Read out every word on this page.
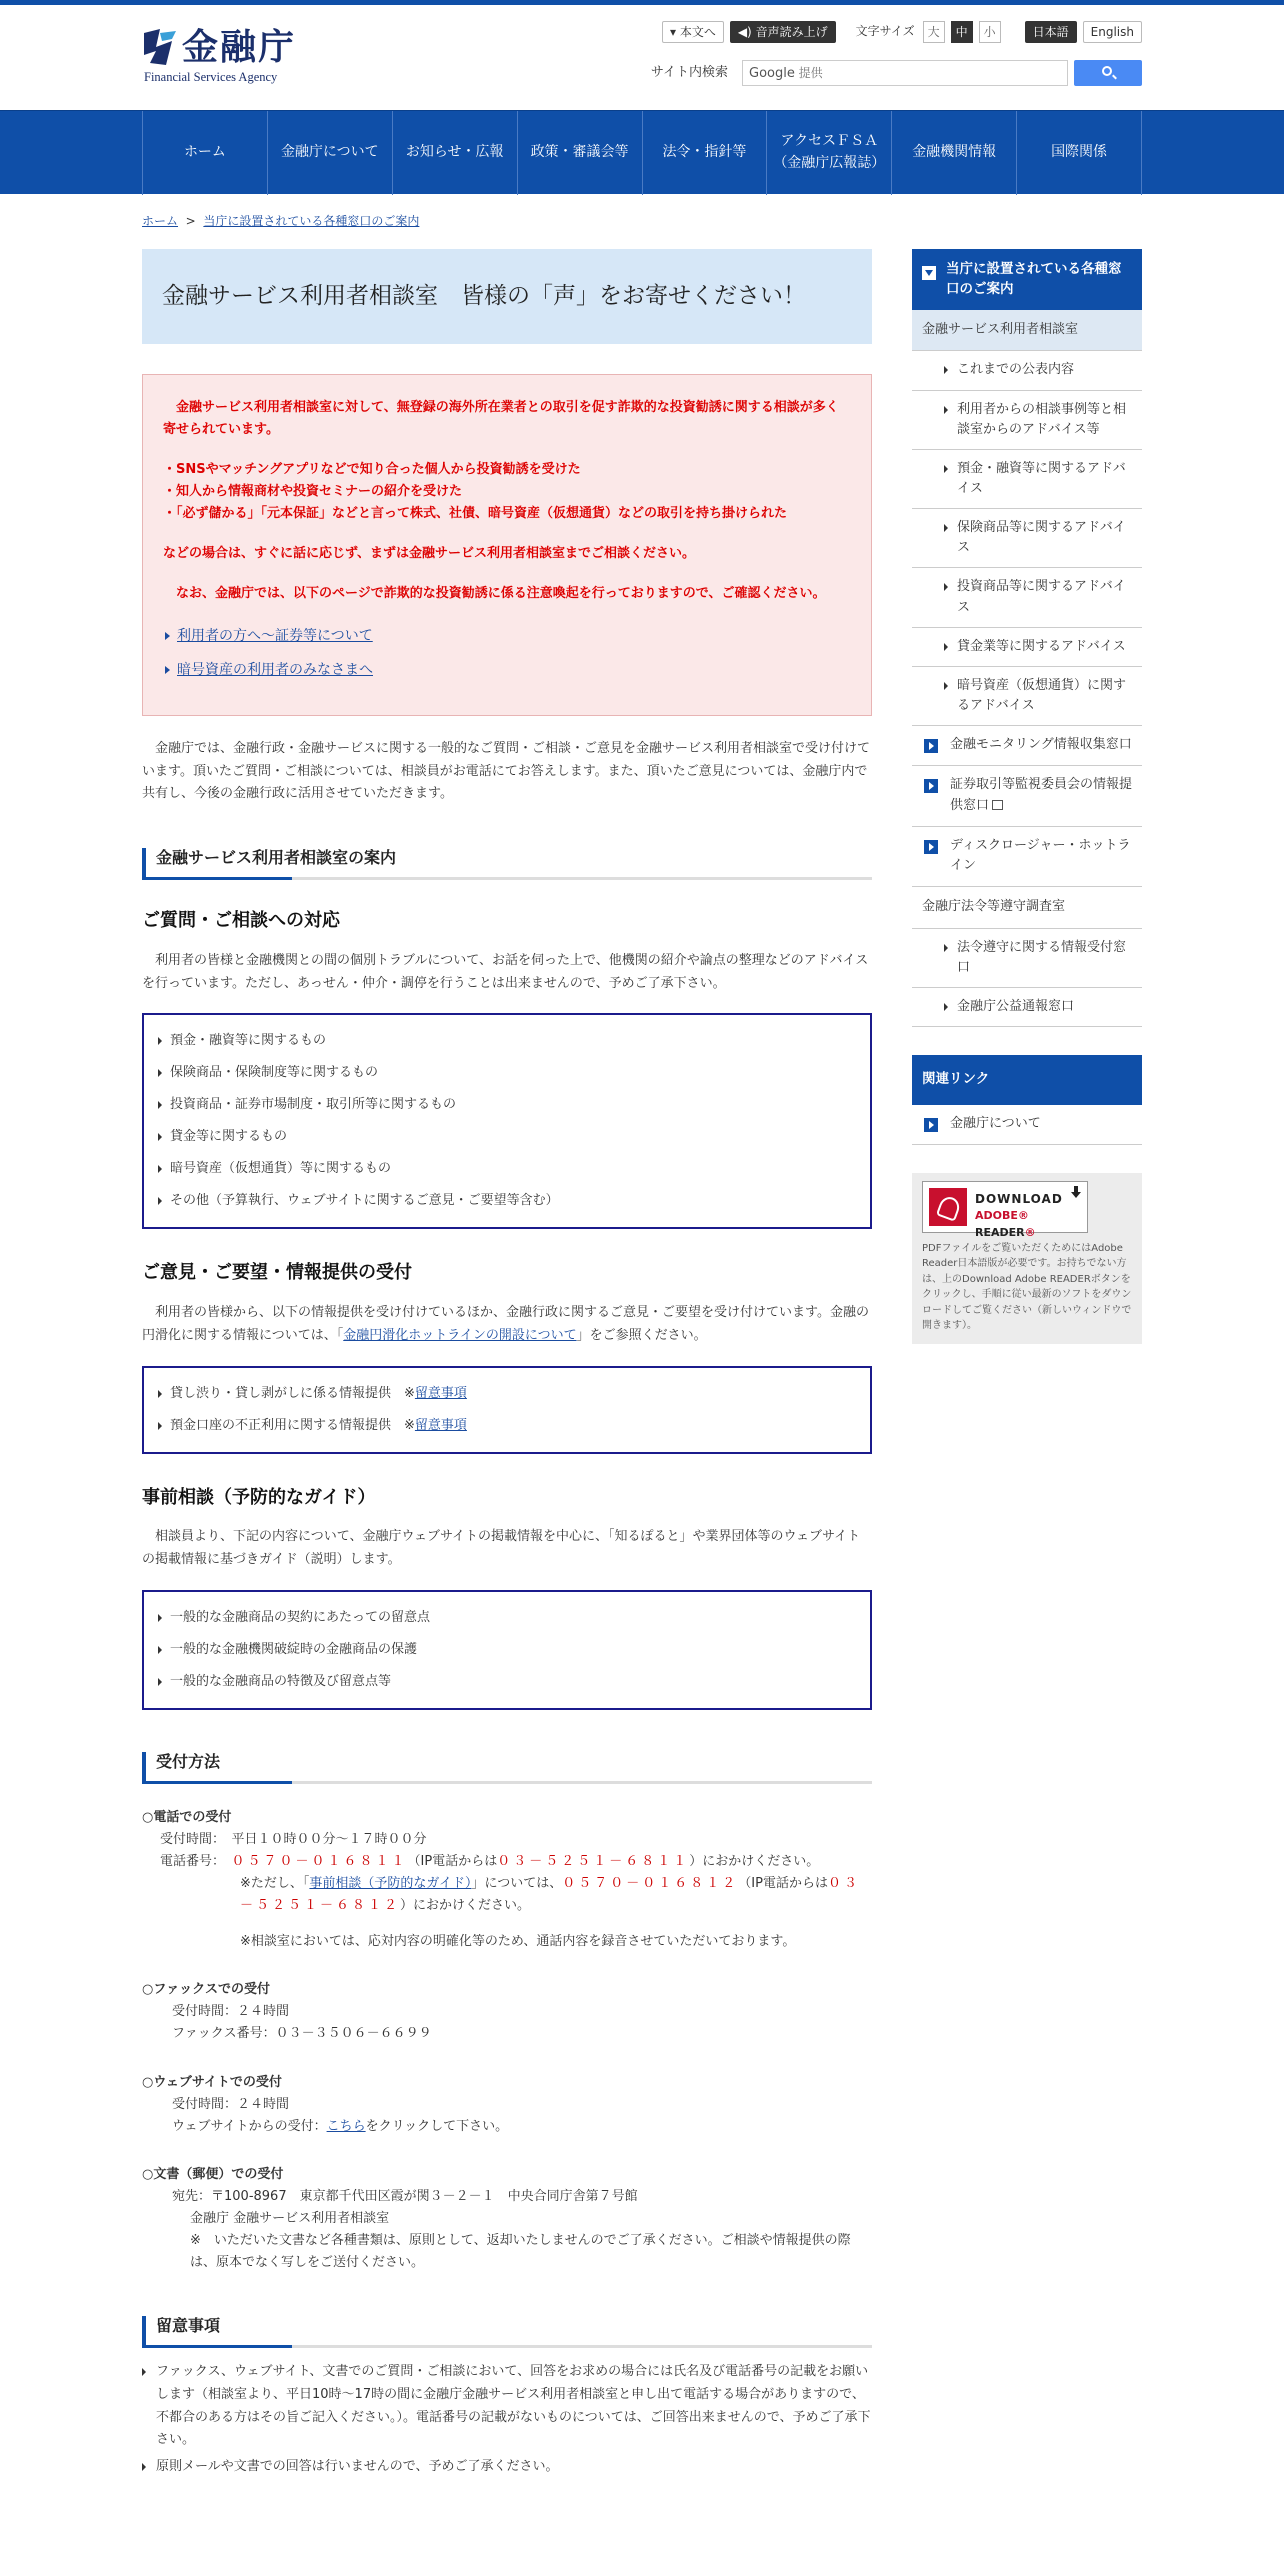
金融庁
Financial Services Agency
▾ 本文へ	◀) 音声読み上げ	文字サイズ	大	中	小	日本語	English
サイト内検索	Google 提供
ホーム	金融庁について	お知らせ・広報	政策・審議会等	法令・指針等
アクセスＦＳＡ
（金融庁広報誌）
金融機関情報	国際関係
ホーム > 当庁に設置されている各種窓口のご案内
金融サービス利用者相談室　皆様の「声」をお寄せください！

　金融サービス利用者相談室に対して、無登録の海外所在業者との取引を促す詐欺的な投資勧誘に関する相談が多く寄せられています。

・SNSやマッチングアプリなどで知り合った個人から投資勧誘を受けた

・知人から情報商材や投資セミナーの紹介を受けた

・「必ず儲かる」「元本保証」などと言って株式、社債、暗号資産（仮想通貨）などの取引を持ち掛けられた

などの場合は、すぐに話に応じず、まずは金融サービス利用者相談室までご相談ください。

　なお、金融庁では、以下のページで詐欺的な投資勧誘に係る注意喚起を行っておりますので、ご確認ください。

利用者の方へ～証券等について
暗号資産の利用者のみなさまへ

金融庁では、金融行政・金融サービスに関する一般的なご質問・ご相談・ご意見を金融サービス利用者相談室で受け付けています。頂いたご質問・ご相談については、相談員がお電話にてお答えします。また、頂いたご意見については、金融庁内で共有し、今後の金融行政に活用させていただきます。

金融サービス利用者相談室の案内
ご質問・ご相談への対応

利用者の皆様と金融機関との間の個別トラブルについて、お話を伺った上で、他機関の紹介や論点の整理などのアドバイスを行っています。ただし、あっせん・仲介・調停を行うことは出来ませんので、予めご了承下さい。

預金・融資等に関するもの
保険商品・保険制度等に関するもの
投資商品・証券市場制度・取引所等に関するもの
貸金等に関するもの
暗号資産（仮想通貨）等に関するもの
その他（予算執行、ウェブサイトに関するご意見・ご要望等含む）
ご意見・ご要望・情報提供の受付

利用者の皆様から、以下の情報提供を受け付けているほか、金融行政に関するご意見・ご要望を受け付けています。金融の円滑化に関する情報については、「金融円滑化ホットラインの開設について」をご参照ください。

貸し渋り・貸し剥がしに係る情報提供　※留意事項
預金口座の不正利用に関する情報提供　※留意事項
事前相談（予防的なガイド）

相談員より、下記の内容について、金融庁ウェブサイトの掲載情報を中心に、「知るぽると」や業界団体等のウェブサイトの掲載情報に基づきガイド（説明）します。

一般的な金融商品の契約にあたっての留意点
一般的な金融機関破綻時の金融商品の保護
一般的な金融商品の特徴及び留意点等
受付方法
○電話での受付
受付時間：　平日１０時００分～１７時００分
電話番号：　 ０５７０－０１６８１１（IP電話からは０３－５２５１－６８１１）におかけください。
※ただし、「事前相談（予防的なガイド）」については、０５７０－０１６８１２（IP電話からは０３－５２５１－６８１２）におかけください。
※相談室においては、応対内容の明確化等のため、通話内容を録音させていただいております。
○ファックスでの受付
受付時間：２４時間
ファックス番号：０３－３５０６－６６９９
○ウェブサイトでの受付
受付時間：２４時間
ウェブサイトからの受付：こちらをクリックして下さい。
○文書（郵便）での受付
宛先：〒100-8967　東京都千代田区霞が関３－２－１　中央合同庁舎第７号館
金融庁 金融サービス利用者相談室
※　いただいた文書など各種書類は、原則として、返却いたしませんのでご了承ください。ご相談や情報提供の際は、原本でなく写しをご送付ください。
留意事項
ファックス、ウェブサイト、文書でのご質問・ご相談において、回答をお求めの場合には氏名及び電話番号の記載をお願いします（相談室より、平日10時～17時の間に金融庁金融サービス利用者相談室と申し出て電話する場合がありますので、不都合のある方はその旨ご記入ください。）。電話番号の記載がないものについては、ご回答出来ませんので、予めご了承下さい。
原則メールや文書での回答は行いませんので、予めご了承ください。
当庁に設置されている各種窓口のご案内
金融サービス利用者相談室
これまでの公表内容
利用者からの相談事例等と相談室からのアドバイス等
預金・融資等に関するアドバイス
保険商品等に関するアドバイス
投資商品等に関するアドバイス
貸金業等に関するアドバイス
暗号資産（仮想通貨）に関するアドバイス
金融モニタリング情報収集窓口
証券取引等監視委員会の情報提供窓口
ディスクロージャー・ホットライン
金融庁法令等遵守調査室
法令遵守に関する情報受付窓口
金融庁公益通報窓口
関連リンク
金融庁について
DOWNLOAD
ADOBE® READER®

PDFファイルをご覧いただくためにはAdobe Reader日本語版が必要です。お持ちでない方は、上のDownload Adobe READERボタンをクリックし、手順に従い最新のソフトをダウンロードしてご覧ください（新しいウィンドウで開きます）。
